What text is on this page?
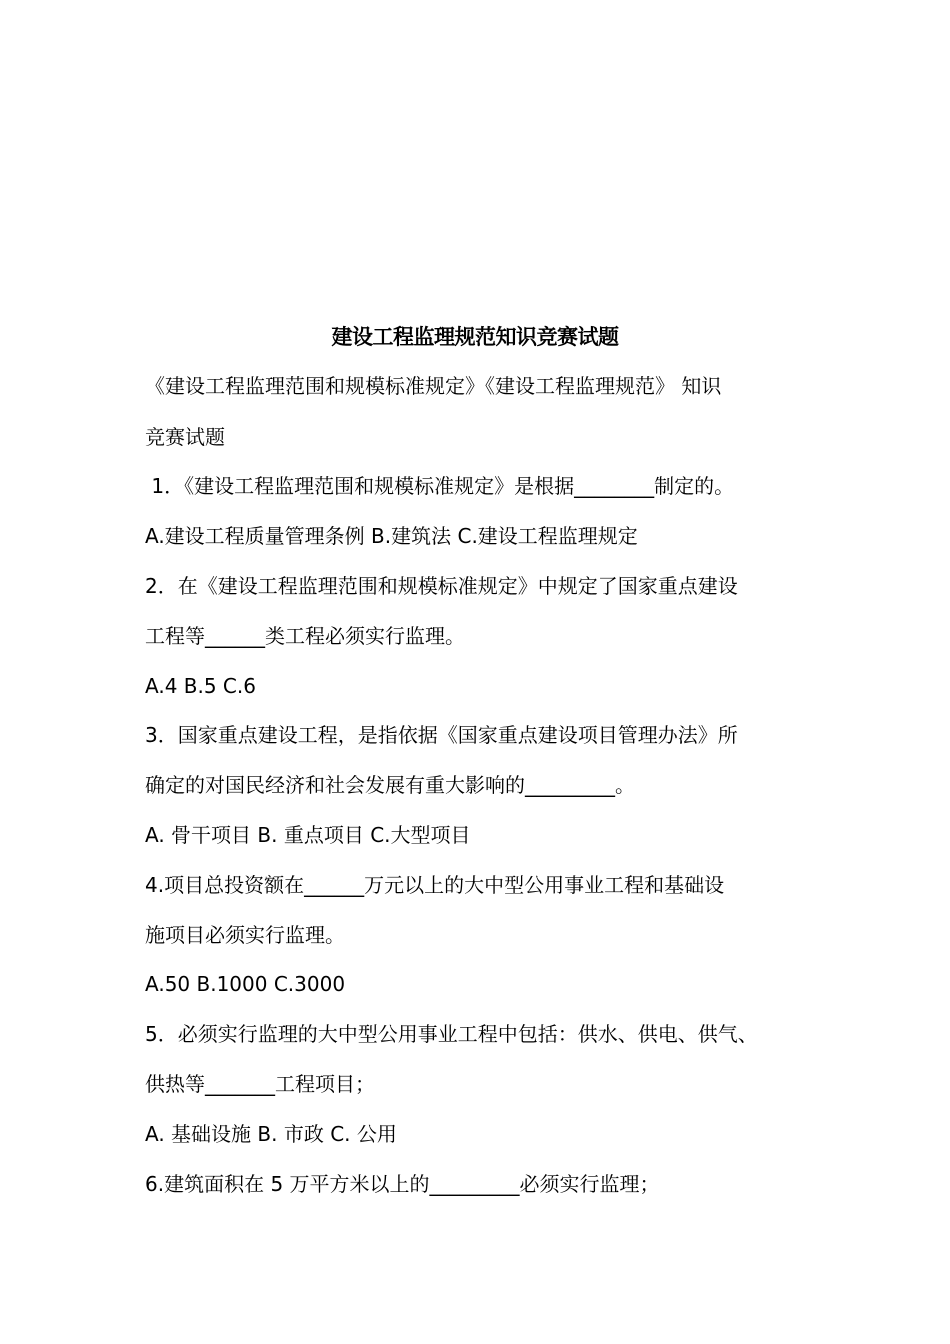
建设工程监理规范知识竞赛试题
《建设工程监理范围和规模标准规定》《建设工程监理规范》 知识
竞赛试题
1．《建设工程监理范围和规模标准规定》是根据________制定的。
A.建设工程质量管理条例 B.建筑法 C.建设工程监理规定
2．在《建设工程监理范围和规模标准规定》中规定了国家重点建设
工程等______类工程必须实行监理。
A.4 B.5 C.6
3．国家重点建设工程，是指依据《国家重点建设项目管理办法》所
确定的对国民经济和社会发展有重大影响的_________。
A. 骨干项目 B. 重点项目 C.大型项目
4.项目总投资额在______万元以上的大中型公用事业工程和基础设
施项目必须实行监理。
A.50 B.1000 C.3000
5．必须实行监理的大中型公用事业工程中包括：供水、供电、供气、
供热等_______工程项目；
A. 基础设施 B. 市政 C. 公用
6.建筑面积在 5 万平方米以上的_________必须实行监理；
